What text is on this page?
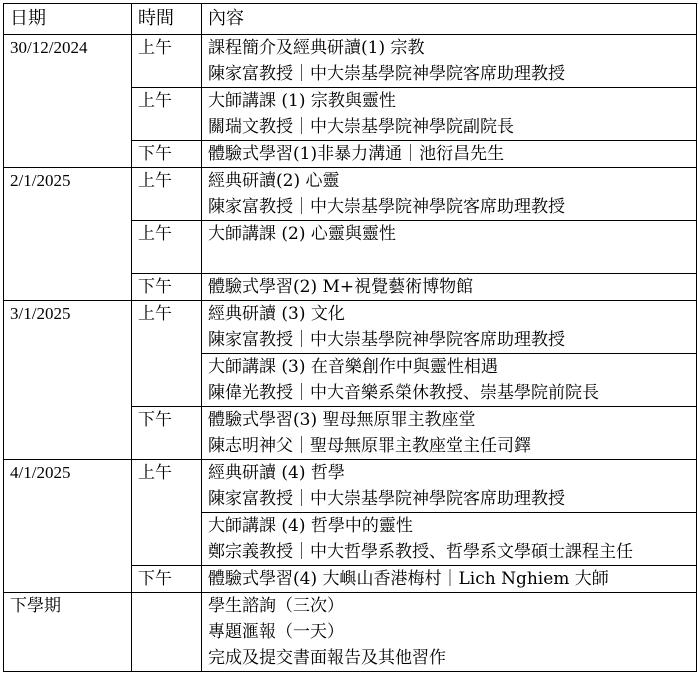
日期	時間	內容
30/12/2024	上午	課程簡介及經典研讀(1) 宗教
陳家富教授｜中大崇基學院神學院客席助理教授

	上午	大師講課 (1) 宗教與靈性
關瑞文教授｜中大崇基學院神學院副院長

	下午	體驗式學習(1)非暴力溝通｜池衍昌先生

2/1/2025	上午	經典研讀(2) 心靈
陳家富教授｜中大崇基學院神學院客席助理教授

	上午	大師講課 (2) 心靈與靈性

	下午	體驗式學習(2) M+視覺藝術博物館

3/1/2025	上午	經典研讀 (3) 文化
陳家富教授｜中大崇基學院神學院客席助理教授

		大師講課 (3) 在音樂創作中與靈性相遇
陳偉光教授｜中大音樂系榮休教授、崇基學院前院長

	下午	體驗式學習(3) 聖母無原罪主教座堂
陳志明神父｜聖母無原罪主教座堂主任司鐸

4/1/2025	上午	經典研讀 (4) 哲學
陳家富教授｜中大崇基學院神學院客席助理教授

		大師講課 (4) 哲學中的靈性
鄭宗義教授｜中大哲學系教授、哲學系文學碩士課程主任

	下午	體驗式學習(4) 大嶼山香港梅村｜Lich Nghiem 大師

下學期		學生諮詢（三次）
專題滙報（一天）
完成及提交書面報告及其他習作
